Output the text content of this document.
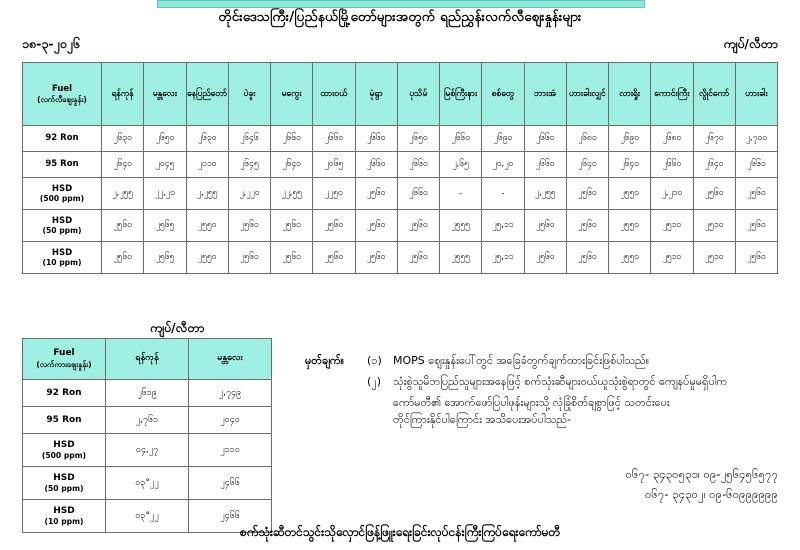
တိုင်းဒေသကြီး/ပြည်နယ်မြို့တော်များအတွက် ရည်ညွှန်းလက်လီဈေးနှုန်းများ
၁၈-၃-၂၀၂၆	ကျပ်/လီတာ
Fuel
(လက်လီဈေးနှုန်း)	ရန်ကုန်	မန္တလေး	နေပြည်တော်	ပဲခူး	မကွေး	ထားဝယ်	မုံရွာ	ပုသိမ်	မြစ်ကြီးနား	စစ်တွေ	ဘားအံ	ဟားခါးလျှင်	လားရှိုး	ကောင်းကြီး	လွိုင်ကော်	ဟားခါး
92 Ron	၂၆၃၀	၂၆၅၀	၂၆၃၀	၂၆၄၆	၂၆၆၀	၂၆၆၀	၂၆၆၀	၂၆၅၀	၂၆၆၀	၂၆၉၀	၂၆၆၀	၂၆၈၀	၂၆၉၀	၂၆၈၀	၂၆၇၀	၂,၇၀၀
95 Ron	၂၆၄၀	၂၀၄၅	၂၀၁၀	၂၆၄၅	၂၆၄၀	၂၀၆၅	၂၆၆၀	၂၆၆၀	၂,၆၅	၂၀,၂၀	၂၆၆၀	၂၆၄၀	၂၆၄၀	၂၆၆၀	၂၆၄၀	၂၆၆၀
HSD
(500 ppm)	၂,၂၅၅	၂၂,၂၀	၂,၂၅၅	၂,၂၂၀	၂၂,၅၅	၂၂၅၀	၂၅၆၀	၂၆၆၀	-	-	၂,၂၅၅	၂၅၆၀	၂၅၅၀	၂,၂၁၀	၂၅၆၀	၂၅၆၀
HSD
(50 ppm)	၂၅၆၀	၂၅၆၅	၂၅၅၀	၂၅၆၀	၂၅၆၀	၂၅၆၀	၂၅၆၀	၂၅၆၀	၂၅၅၅	၂၅,၁၁	၂၅၆၀	၂၅၆၀	၂၅၅၀	၂၅၁၀	၂၅၁၀	၂၅၆၀
HSD
(10 ppm)	၂၅၆၀	၂၅၆၅	၂၅၅၀	၂၅၆၀	၂၅၆၀	၂၅၆၀	၂၅၆၀	၂၅၆၀	၂၅၅၅	၂၅,၁၁	၂၅၆၀	၂၅၆၀	၂၅၅၀	၂၅၁၀	၂၅၁၀	၂၅၆၀
ကျပ်/လီတာ
Fuel
(လက်ကားဈေးနှုန်း)	ရန်ကုန်	မန္တလေး
92 Ron	၂၆၁၉	၂,၇၄၉
95 Ron	၂,၇၆၁	၂၀၄၀
HSD
(500 ppm)	၀၄,၂၇	၂၁၁၀
HSD
(50 ppm)	၀၃°၂၂	၂၄၆၆
HSD
(10 ppm)	၀၃°၂၂	၂၄၆၆
မှတ်ချက်။	(၁)	MOPS ဈေးနှုန်းပေါ်တွင် အခြေခံတွက်ချက်ထားခြင်းဖြစ်ပါသည်။
(၂)	သုံးစွဲသူမိဘပြည်သူများအနေဖြင့် စက်သုံးဆီများဝယ်ယူသုံးစွဲရာတွင် ကျေနပ်မှုမရှိပါက
ကော်မတီ၏ အောက်ဖော်ပြပါဖုန်းများသို့ လုံခြုံစိတ်ချစွာဖြင့် သတင်းပေး
တိုင်ကြားနိုင်ပါကြောင်း အသိပေးအပ်ပါသည်-
၀၆၇- ၃၄၃၀၅၃၁၊ ၀၉-၂၅၆၄၅၆၅၇၇
၀၆၇- ၃၄၃၀၂၊ ၀၉-၆၀၉၉၉၉၉၉
စက်သုံးဆီတင်သွင်းသိုလှောင်ဖြန့်ဖြူးရေးခြင်းလုပ်ငန်းကြီးကြပ်ရေးကော်မတီ
